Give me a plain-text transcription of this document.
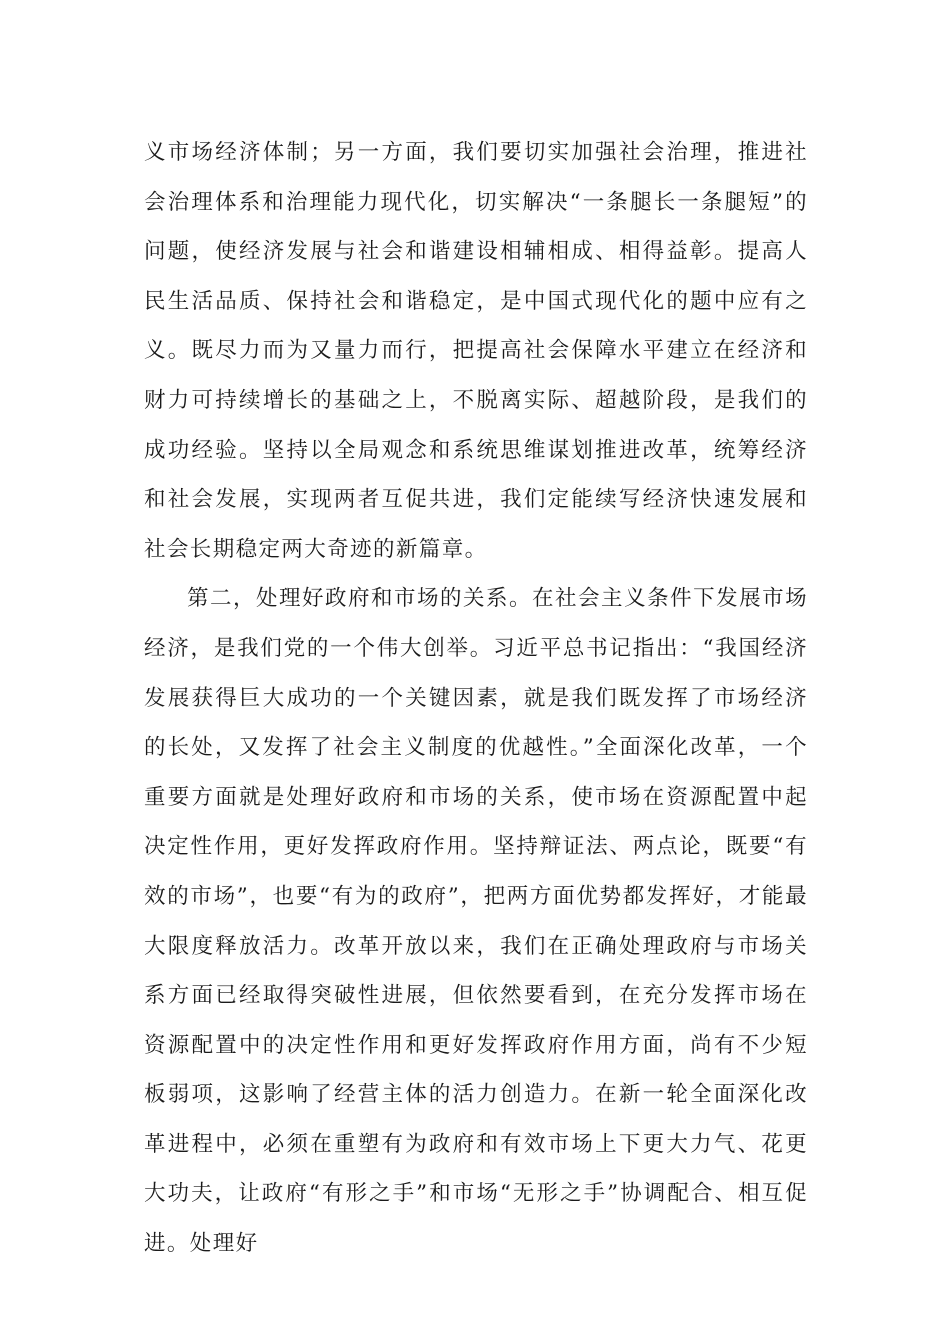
义市场经济体制；另一方面，我们要切实加强社会治理，推进社会治理体系和治理能力现代化，切实解决“一条腿长一条腿短”的问题，使经济发展与社会和谐建设相辅相成、相得益彰。提高人民生活品质、保持社会和谐稳定，是中国式现代化的题中应有之义。既尽力而为又量力而行，把提高社会保障水平建立在经济和财力可持续增长的基础之上，不脱离实际、超越阶段，是我们的成功经验。坚持以全局观念和系统思维谋划推进改革，统筹经济和社会发展，实现两者互促共进，我们定能续写经济快速发展和社会长期稳定两大奇迹的新篇章。

第二，处理好政府和市场的关系。在社会主义条件下发展市场经济，是我们党的一个伟大创举。习近平总书记指出：“我国经济发展获得巨大成功的一个关键因素，就是我们既发挥了市场经济的长处，又发挥了社会主义制度的优越性。”全面深化改革，一个重要方面就是处理好政府和市场的关系，使市场在资源配置中起决定性作用，更好发挥政府作用。坚持辩证法、两点论，既要“有效的市场”，也要“有为的政府”，把两方面优势都发挥好，才能最大限度释放活力。改革开放以来，我们在正确处理政府与市场关系方面已经取得突破性进展，但依然要看到，在充分发挥市场在资源配置中的决定性作用和更好发挥政府作用方面，尚有不少短板弱项，这影响了经营主体的活力创造力。在新一轮全面深化改革进程中，必须在重塑有为政府和有效市场上下更大力气、花更大功夫，让政府“有形之手”和市场“无形之手”协调配合、相互促进。处理好
